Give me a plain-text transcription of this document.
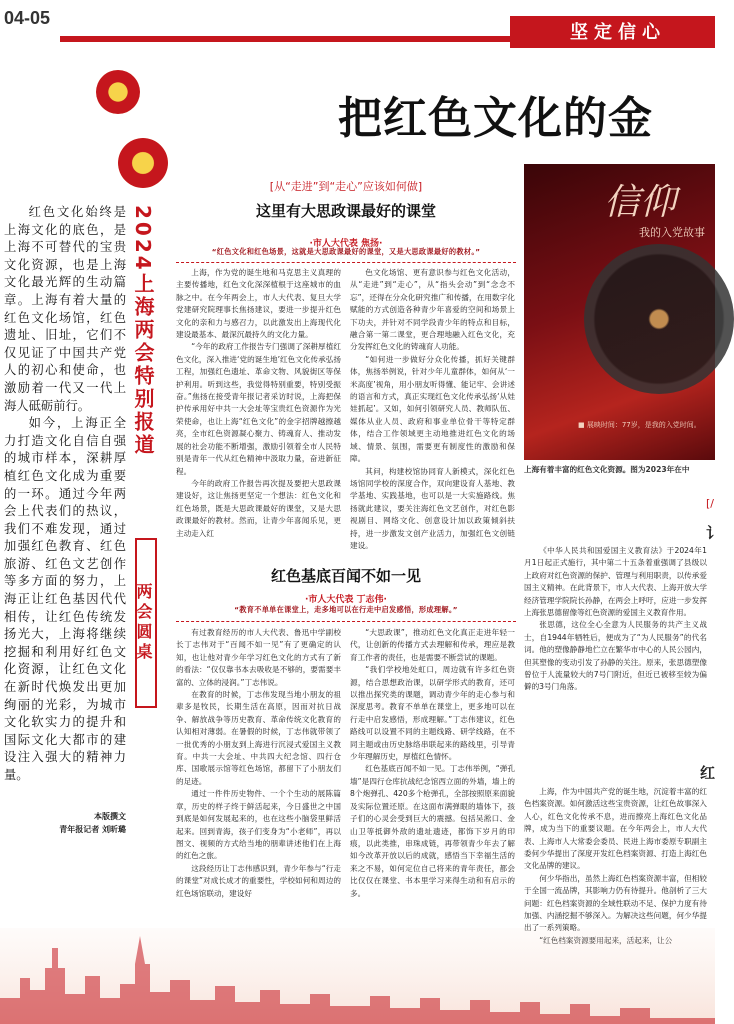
04-05
坚定信心
把红色文化的金
2024上海两会特别报道
两会圆桌

红色文化始终是上海文化的底色，是上海不可替代的宝贵文化资源，也是上海文化最光辉的生动篇章。上海有着大量的红色文化场馆，红色遗址、旧址，它们不仅见证了中国共产党人的初心和使命，也激励着一代又一代上海人砥砺前行。

如今，上海正全力打造文化自信自强的城市样本，深耕厚植红色文化成为重要的一环。通过今年两会上代表们的热议，我们不难发现，通过加强红色教育、红色旅游、红色文艺创作等多方面的努力，上海正让红色基因代代相传，让红色传统发扬光大，上海将继续挖掘和利用好红色文化资源，让红色文化在新时代焕发出更加绚丽的光彩，为城市文化软实力的提升和国际文化大都市的建设注入强大的精神力量。

本版撰文
青年报记者 刘昕璐
[从“走进”到“走心”应该如何做]
这里有大思政课最好的课堂
·市人大代表 焦扬·
“红色文化和红色场景，这就是大思政课最好的课堂，又是大思政课最好的教材。”

上海，作为党的诞生地和马克思主义真理的主要传播地，红色文化深深植根于这座城市的血脉之中。在今年两会上，市人大代表、复旦大学党建研究院理事长焦扬建议，要进一步提升红色文化的亲和力与感召力，以此激发出上海现代化建设最基本、最深沉最持久的文化力量。

“今年的政府工作报告专门强调了深耕厚植红色文化，深入推进‘党的诞生地’红色文化传承弘扬工程，加强红色遗址、革命文物、风貌街区等保护利用。听到这些，我觉得特别重要，特别受振奋。”焦扬在接受青年报记者采访时说，上海把保护传承用好中共一大会址等宝贵红色资源作为光荣使命，也让上海“红色文化”的金字招牌越擦越亮，全市红色资源凝心聚力、铸魂育人、推动发展的社会功能不断增强，激励引领着全市人民特别是青年一代从红色精神中汲取力量，奋进新征程。

今年的政府工作报告再次提及要把大思政课建设好，这让焦扬更坚定一个想法：红色文化和红色场景，既是大思政课最好的课堂，又是大思政课最好的教材。然而，让青少年喜闻乐见，更主动走入红

色文化场馆、更有意识参与红色文化活动，从“走进”到“走心”，从“指头会动”到“念念不忘”，还得在分众化研究推广和传播，在用数字化赋能的方式创造各种青少年喜爱的空间和场景上下功夫，并针对不同学段青少年的特点和目标，融合第一第二课堂，更合理地融入红色文化，充分发挥红色文化的铸魂育人功能。

“如何进一步做好分众化传播，抓好关键群体，焦扬举例说，针对少年儿童群体，如何从‘一米高度’视角，用小朋友听得懂、能记牢、会讲述的语言和方式，真正实现红色文化传承弘扬‘从娃娃抓起’。又如，如何引领研究人员、教师队伍、媒体从业人员、政府和事业单位骨干等特定群体，结合工作领域更主动地推进红色文化的场域、情景、氛围，需要更有制度性的激励和保障。

其问，构建校馆协同育人新模式，深化红色场馆同学校的深度合作，双向建设育人基地、教学基地、实践基地，也可以是一大实施路线。焦扬就此建议，要关注海红色文艺创作，对红色影视剧目、网络文化、创意设计加以政策倾斜扶持，进一步激发文创产业活力，加强红色文创链建设。

红色基底百闻不如一见
·市人大代表 丁志伟·
“教育不单单在课堂上，走多地可以在行走中启发感悟，形成理解。”

有过教育经历的市人大代表、鲁迅中学副校长丁志伟对于“百闻不如一见”有了更确定的认知，也让他对青少年学习红色文化的方式有了新的看法：“仅仅靠书本去吸收是不够的，要需要丰富的、立体的浸润。”丁志伟说。

在教育的时候，丁志伟发现当地小朋友的祖辈多是牧民，长期生活在高原，因而对抗日战争、解放战争等历史教育、革命传统文化教育的认知相对薄弱。在暑假的时候，丁志伟就带领了一批优秀的小朋友到上海进行沉浸式爱国主义教育。中共一大会址、中共四大纪念馆、四行仓库、国歌展示馆等红色场馆，都留下了小朋友们的足迹。

通过一件件历史物件、一个个生动的展陈篇章，历史的样子终于鲜活起来，今日盛世之中国到底是如何发展起来的，也在这些小脑袋里鲜活起来。回到青海，孩子们变身为“小老师”，再以图文、视频的方式给当地的朋辈讲述他们在上海的红色之旅。

这段经历让丁志伟感识到，青少年参与“行走的课堂”对成长成才的重要性，学校如何和周边的红色场馆联动，建设好

“大思政课”，推动红色文化真正走进年轻一代，让创新的传播方式去理解和传承，理应是教育工作者的责任，也是需要不断尝试的课题。

“我们学校地处虹口，周边就有许多红色资源，结合思想政治课，以研学形式的教育，还可以推出探究类的课题，调动青少年的走心参与和深度思考。教育不单单在课堂上，更多地可以在行走中启发感悟，形成理解。”丁志伟建议，红色路线可以设置不同的主题线路、研学线路，在不同主题或由历史脉络串联起来的路线里，引导青少年理解历史，厚植红色情怀。

红色基底百闻不如一见。丁志伟举例，“弹孔墙”是四行仓库抗战纪念馆西立面的外墙，墙上的8个炮弹孔、420多个枪弹孔，全部按照原来面貌及实际位置还原。在这面布满弹眼的墙体下，孩子们的心灵会受到巨大的震撼。包括吴淞口、金山卫等抵御外敌的遗址遗迹，都饰下岁月的印痕，以此类推，串珠成链，再带领青少年去了解如今改革开放以后的成就，感悟当下幸福生活的来之不易，如何定位自己将来的青年责任，都会比仅仅在课堂、书本里学习来得生动和有启示的多。

信仰
我的入党故事
■ 展映时间：77岁，是我的入党时间。
上海有着丰富的红色文化资源。图为2023年在中
[/
讠

《中华人民共和国爱国主义教育法》于2024年1月1日起正式施行，其中第二十五条着重强调了县级以上政府对红色资源的保护、管理与利用职责，以传承爱国主义精神。在此背景下，市人大代表、上海开放大学经济管理学院院长孙静，在两会上呼吁，应进一步发挥上海张思德留像等红色资源的爱国主义教育作用。

张思德，这位全心全意为人民服务的共产主义战士，自1944年牺牲后，便成为了“为人民服务”的代名词。他的塑像静静地伫立在繁华市中心的人民公园内，但其塑像的变动引发了孙静的关注。原来，张思德塑像曾位于人流量较大的7号门附近，但近已被移至较为偏僻的3号门角落。

红

上海，作为中国共产党的诞生地，沉淀着丰富的红色档案资源。如何激活这些宝贵资源，让红色故事深入人心，红色文化传承不息，进而擦亮上海红色文化品牌，成为当下的重要议题。在今年两会上，市人大代表、上海市人大常委会委员、民进上海市委原专职副主委何少华提出了深度开发红色档案资源、打造上海红色文化品牌的建议。

何少华指出，虽然上海红色档案资源丰富，但相较于全国一流品牌，其影响力仍有待提升。他剖析了三大问题：红色档案资源的全域性联动不足、保护力度有待加强、内涵挖掘不够深入。为解决这些问题，何少华提出了一系列策略。

“红色档案资源要用起来，活起来，让公
